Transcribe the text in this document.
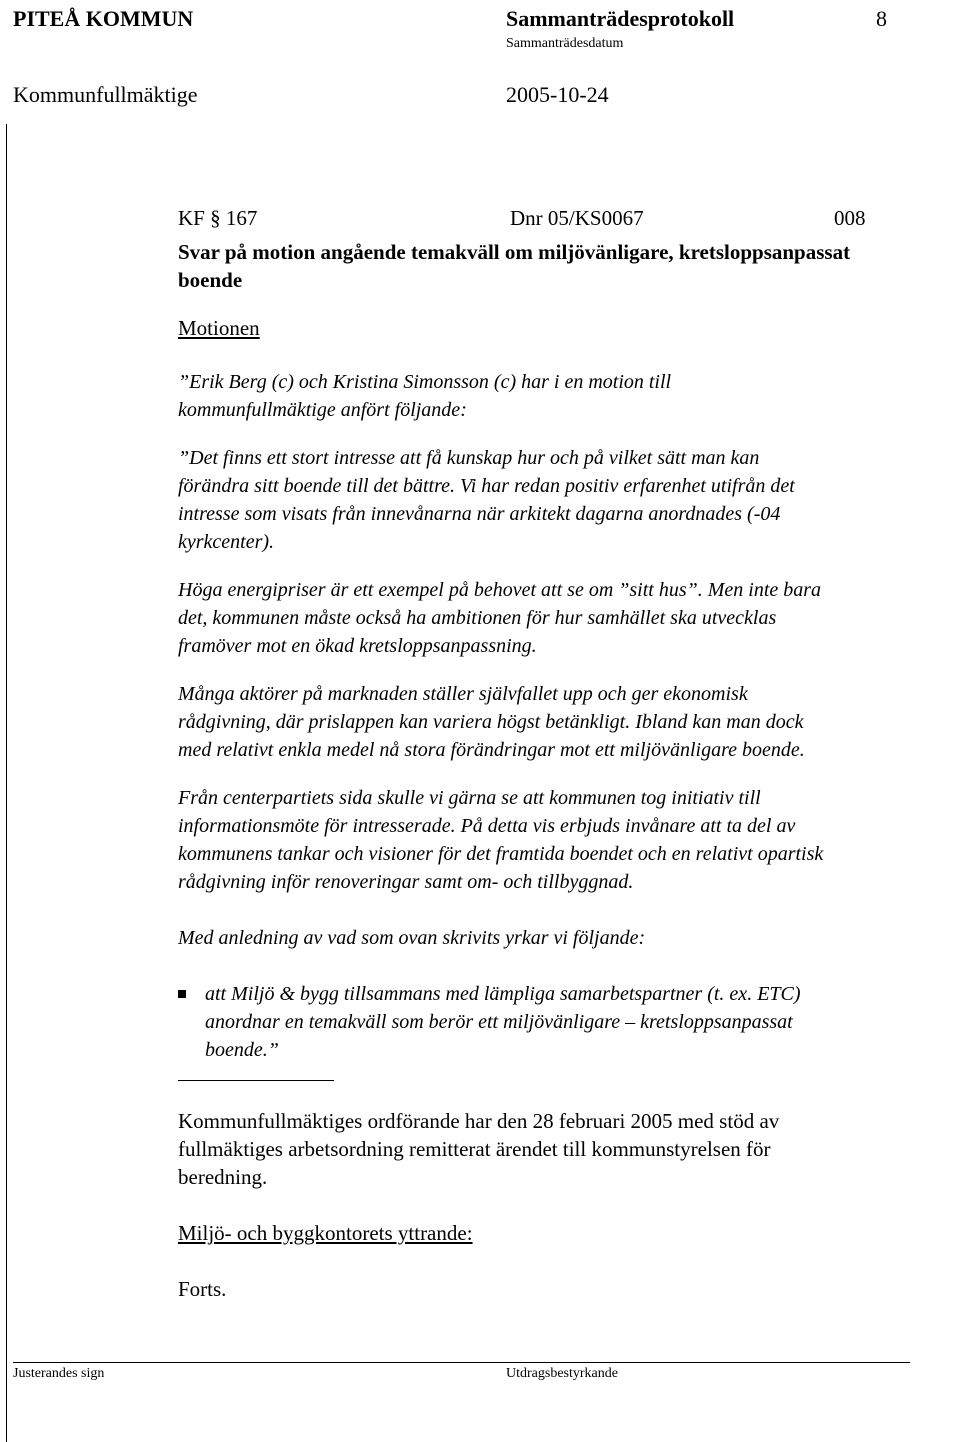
PITEÅ KOMMUN	Sammanträdesprotokoll	8
Sammanträdesdatum
Kommunfullmäktige	2005-10-24
KF § 167	Dnr 05/KS0067	008
Svar på motion angående temakväll om miljövänligare, kretsloppsanpassat
boende
Motionen
”Erik Berg (c) och Kristina Simonsson (c) har i en motion till
kommunfullmäktige anfört följande:
”Det finns ett stort intresse att få kunskap hur och på vilket sätt man kan
förändra sitt boende till det bättre. Vi har redan positiv erfarenhet utifrån det
intresse som visats från innevånarna när arkitekt dagarna anordnades (-04
kyrkcenter).
Höga energipriser är ett exempel på behovet att se om ”sitt hus”. Men inte bara
det, kommunen måste också ha ambitionen för hur samhället ska utvecklas
framöver mot en ökad kretsloppsanpassning.
Många aktörer på marknaden ställer självfallet upp och ger ekonomisk
rådgivning, där prislappen kan variera högst betänkligt. Ibland kan man dock
med relativt enkla medel nå stora förändringar mot ett miljövänligare boende.
Från centerpartiets sida skulle vi gärna se att kommunen tog initiativ till
informationsmöte för intresserade. På detta vis erbjuds invånare att ta del av
kommunens tankar och visioner för det framtida boendet och en relativt opartisk
rådgivning inför renoveringar samt om- och tillbyggnad.
Med anledning av vad som ovan skrivits yrkar vi följande:
att Miljö & bygg tillsammans med lämpliga samarbetspartner (t. ex. ETC)
anordnar en temakväll som berör ett miljövänligare – kretsloppsanpassat
boende.”
Kommunfullmäktiges ordförande har den 28 februari 2005 med stöd av
fullmäktiges arbetsordning remitterat ärendet till kommunstyrelsen för
beredning.
Miljö- och byggkontorets yttrande:
Forts.
Justerandes sign	Utdragsbestyrkande
